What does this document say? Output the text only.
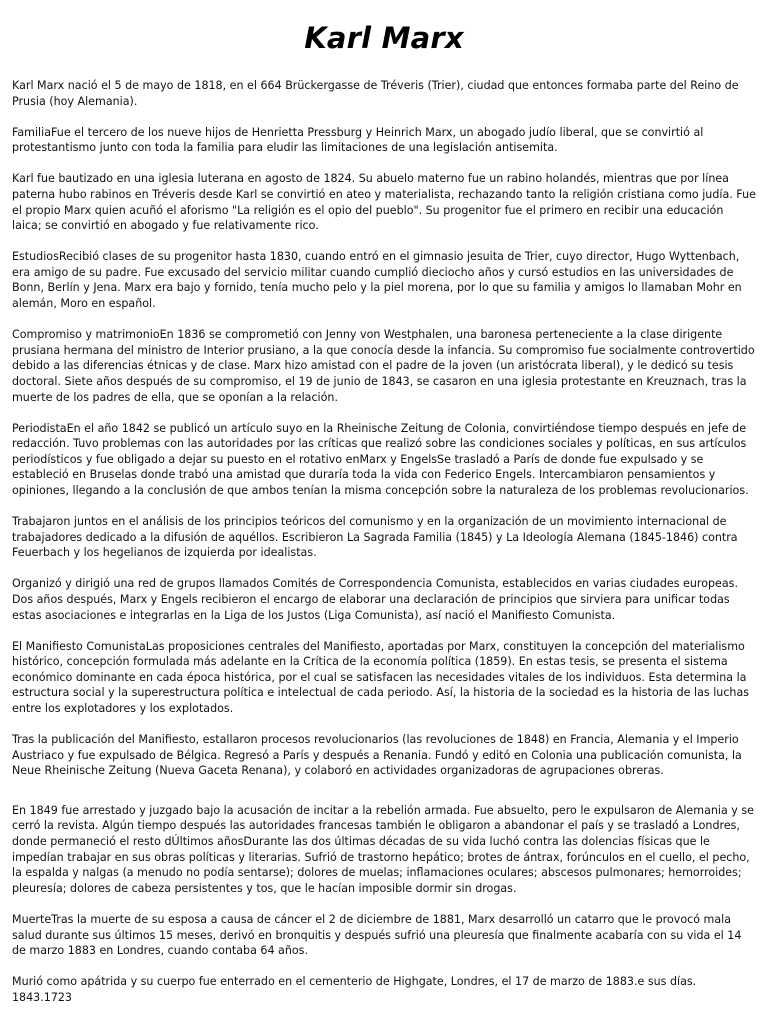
Karl Marx

Karl Marx nació el 5 de mayo de 1818, en el 664 Brückergasse de Tréveris (Trier), ciudad que entonces formaba parte del Reino de Prusia (hoy Alemania).

FamiliaFue el tercero de los nueve hijos de Henrietta Pressburg y Heinrich Marx, un abogado judío liberal, que se convirtió al protestantismo junto con toda la familia para eludir las limitaciones de una legislación antisemita.

Karl fue bautizado en una iglesia luterana en agosto de 1824. Su abuelo materno fue un rabino holandés, mientras que por línea paterna hubo rabinos en Tréveris desde Karl se convirtió en ateo y materialista, rechazando tanto la religión cristiana como judía. Fue el propio Marx quien acuñó el aforismo "La religión es el opio del pueblo". Su progenitor fue el primero en recibir una educación laica; se convirtió en abogado y fue relativamente rico.

EstudiosRecibió clases de su progenitor hasta 1830, cuando entró en el gimnasio jesuita de Trier, cuyo director, Hugo Wyttenbach, era amigo de su padre. Fue excusado del servicio militar cuando cumplió dieciocho años y cursó estudios en las universidades de Bonn, Berlín y Jena. Marx era bajo y fornido, tenía mucho pelo y la piel morena, por lo que su familia y amigos lo llamaban Mohr en alemán, Moro en español.

Compromiso y matrimonioEn 1836 se comprometió con Jenny von Westphalen, una baronesa perteneciente a la clase dirigente prusiana hermana del ministro de Interior prusiano, a la que conocía desde la infancia. Su compromiso fue socialmente controvertido debido a las diferencias étnicas y de clase. Marx hizo amistad con el padre de la joven (un aristócrata liberal), y le dedicó su tesis doctoral. Siete años después de su compromiso, el 19 de junio de 1843, se casaron en una iglesia protestante en Kreuznach, tras la muerte de los padres de ella, que se oponían a la relación.

PeriodistaEn el año 1842 se publicó un artículo suyo en la Rheinische Zeitung de Colonia, convirtiéndose tiempo después en jefe de redacción. Tuvo problemas con las autoridades por las críticas que realizó sobre las condiciones sociales y políticas, en sus artículos periodísticos y fue obligado a dejar su puesto en el rotativo enMarx y EngelsSe trasladó a París de donde fue expulsado y se estableció en Bruselas donde trabó una amistad que duraría toda la vida con Federico Engels. Intercambiaron pensamientos y opiniones, llegando a la conclusión de que ambos tenían la misma concepción sobre la naturaleza de los problemas revolucionarios.

Trabajaron juntos en el análisis de los principios teóricos del comunismo y en la organización de un movimiento internacional de trabajadores dedicado a la difusión de aquéllos. Escribieron La Sagrada Familia (1845) y La Ideología Alemana (1845-1846) contra Feuerbach y los hegelianos de izquierda por idealistas.

Organizó y dirigió una red de grupos llamados Comités de Correspondencia Comunista, establecidos en varias ciudades europeas. Dos años después, Marx y Engels recibieron el encargo de elaborar una declaración de principios que sirviera para unificar todas estas asociaciones e integrarlas en la Liga de los Justos (Liga Comunista), así nació el Manifiesto Comunista.

El Manifiesto ComunistaLas proposiciones centrales del Manifiesto, aportadas por Marx, constituyen la concepción del materialismo histórico, concepción formulada más adelante en la Crítica de la economía política (1859). En estas tesis, se presenta el sistema económico dominante en cada época histórica, por el cual se satisfacen las necesidades vitales de los individuos. Esta determina la estructura social y la superestructura política e intelectual de cada periodo. Así, la historia de la sociedad es la historia de las luchas entre los explotadores y los explotados.

Tras la publicación del Manifiesto, estallaron procesos revolucionarios (las revoluciones de 1848) en Francia, Alemania y el Imperio Austriaco y fue expulsado de Bélgica. Regresó a París y después a Renania. Fundó y editó en Colonia una publicación comunista, la Neue Rheinische Zeitung (Nueva Gaceta Renana), y colaboró en actividades organizadoras de agrupaciones obreras.

En 1849 fue arrestado y juzgado bajo la acusación de incitar a la rebelión armada. Fue absuelto, pero le expulsaron de Alemania y se cerró la revista. Algún tiempo después las autoridades francesas también le obligaron a abandonar el país y se trasladó a Londres, donde permaneció el resto dÚltimos añosDurante las dos últimas décadas de su vida luchó contra las dolencias físicas que le impedían trabajar en sus obras políticas y literarias. Sufrió de trastorno hepático; brotes de ántrax, forúnculos en el cuello, el pecho, la espalda y nalgas (a menudo no podía sentarse); dolores de muelas; inflamaciones oculares; abscesos pulmonares; hemorroides; pleuresía; dolores de cabeza persistentes y tos, que le hacían imposible dormir sin drogas.

MuerteTras la muerte de su esposa a causa de cáncer el 2 de diciembre de 1881, Marx desarrolló un catarro que le provocó mala salud durante sus últimos 15 meses, derivó en bronquitis y después sufrió una pleuresía que finalmente acabaría con su vida el 14 de marzo 1883 en Londres, cuando contaba 64 años.

Murió como apátrida y su cuerpo fue enterrado en el cementerio de Highgate, Londres, el 17 de marzo de 1883.e sus días. 1843.1723
